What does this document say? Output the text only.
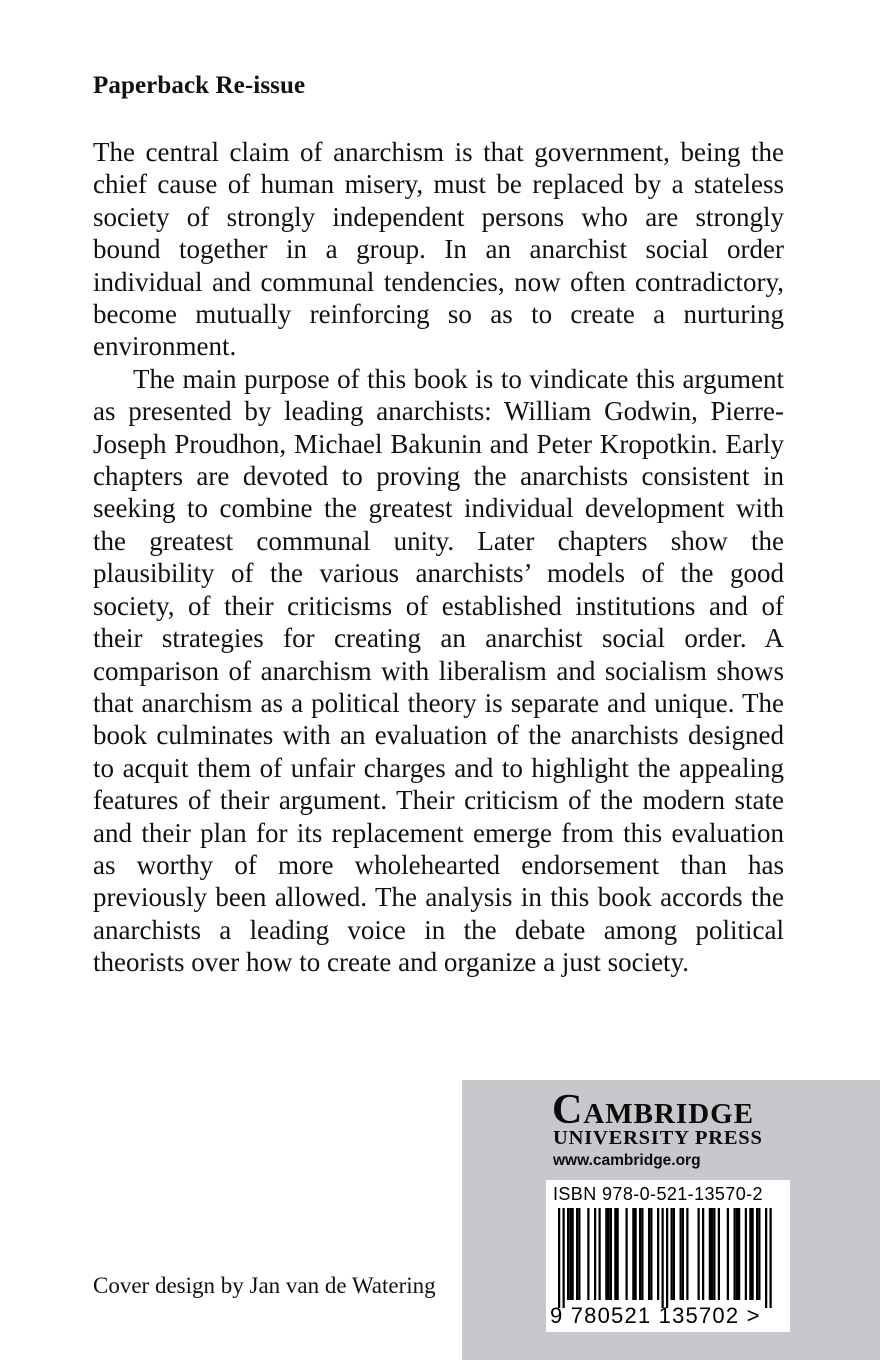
Paperback Re-issue

The central claim of anarchism is that government, being the chief cause of human misery, must be replaced by a stateless society of strongly independent persons who are strongly bound together in a group. In an anarchist social order individual and communal tendencies, now often contradictory, become mutually reinforcing so as to create a nurturing environment.

The main purpose of this book is to vindicate this argument as presented by leading anarchists: William Godwin, Pierre-Joseph Proudhon, Michael Bakunin and Peter Kropotkin. Early chapters are devoted to proving the anarchists consistent in seeking to combine the greatest individual development with the greatest communal unity. Later chapters show the plausibility of the various anarchists’ models of the good society, of their criticisms of established institutions and of their strategies for creating an anarchist social order. A comparison of anarchism with liberalism and socialism shows that anarchism as a political theory is separate and unique. The book culminates with an evaluation of the anarchists designed to acquit them of unfair charges and to highlight the appealing features of their argument. Their criticism of the modern state and their plan for its replacement emerge from this evaluation as worthy of more wholehearted endorsement than has previously been allowed. The analysis in this book accords the anarchists a leading voice in the debate among political theorists over how to create and organize a just society.

Cover design by Jan van de Watering
Cambridge
UNIVERSITY PRESS
www.cambridge.org
ISBN 978-0-521-13570-2
9 780521 135702 >
